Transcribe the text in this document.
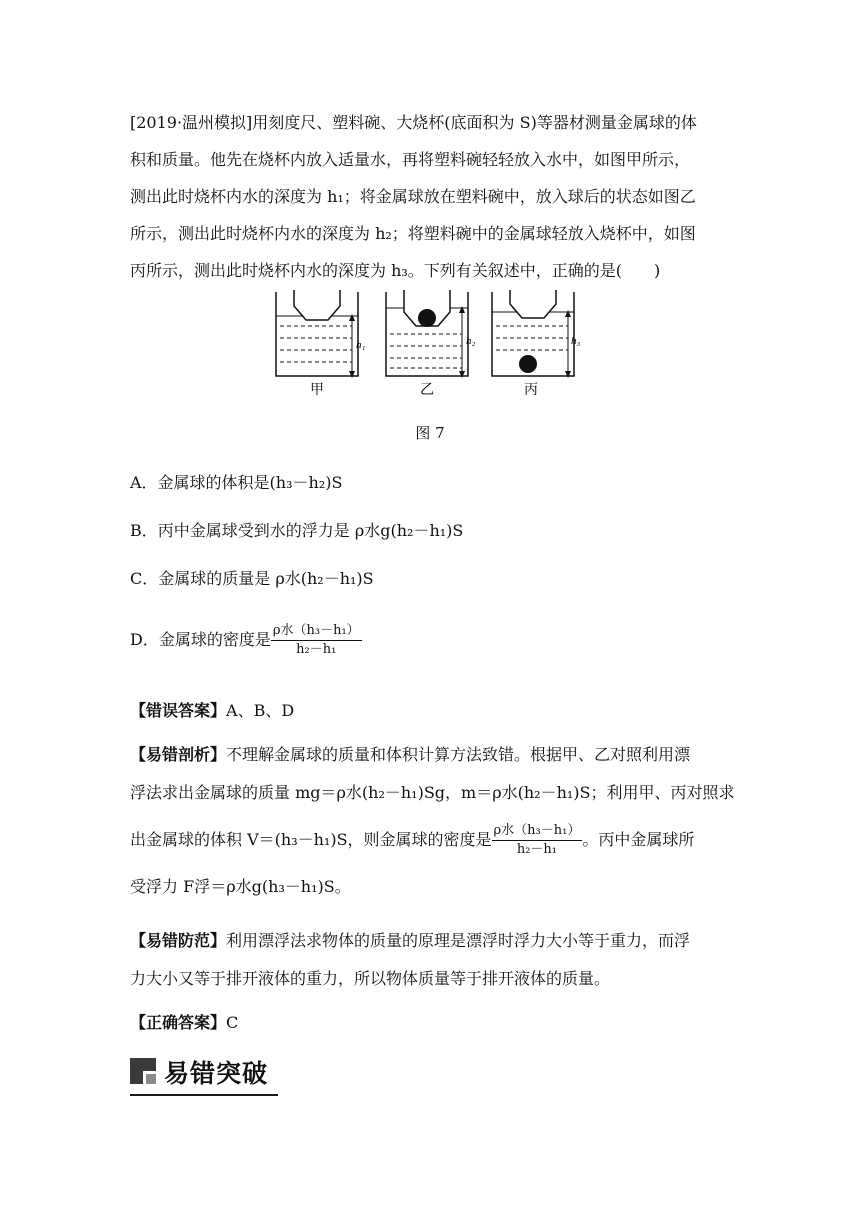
[2019·温州模拟]用刻度尺、塑料碗、大烧杯(底面积为 S)等器材测量金属球的体
积和质量。他先在烧杯内放入适量水，再将塑料碗轻轻放入水中，如图甲所示，
测出此时烧杯内水的深度为 h₁；将金属球放在塑料碗中，放入球后的状态如图乙
所示，测出此时烧杯内水的深度为 h₂；将塑料碗中的金属球轻放入烧杯中，如图
丙所示，测出此时烧杯内水的深度为 h₃。下列有关叙述中，正确的是(　　)
h₁	h₂	h₃
甲	乙	丙
图 7

A．金属球的体积是(h₃－h₂)S

B．丙中金属球受到水的浮力是 ρ水g(h₂－h₁)S

C．金属球的质量是 ρ水(h₂－h₁)S

D．金属球的密度是 $\frac{\text{ρ水（h₃－h₁）}}{\text{h₂－h₁}}$

【错误答案】A、B、D

【易错剖析】不理解金属球的质量和体积计算方法致错。根据甲、乙对照利用漂
浮法求出金属球的质量 mg＝ρ水(h₂－h₁)Sg，m＝ρ水(h₂－h₁)S；利用甲、丙对照求
出金属球的体积 V＝(h₃－h₁)S，则金属球的密度是 $\frac{\text{ρ水（h₃－h₁）}}{\text{h₂－h₁}}$ 。丙中金属球所
受浮力 F浮＝ρ水g(h₃－h₁)S。
【易错防范】利用漂浮法求物体的质量的原理是漂浮时浮力大小等于重力，而浮
力大小又等于排开液体的重力，所以物体质量等于排开液体的质量。

【正确答案】C

易错突破
